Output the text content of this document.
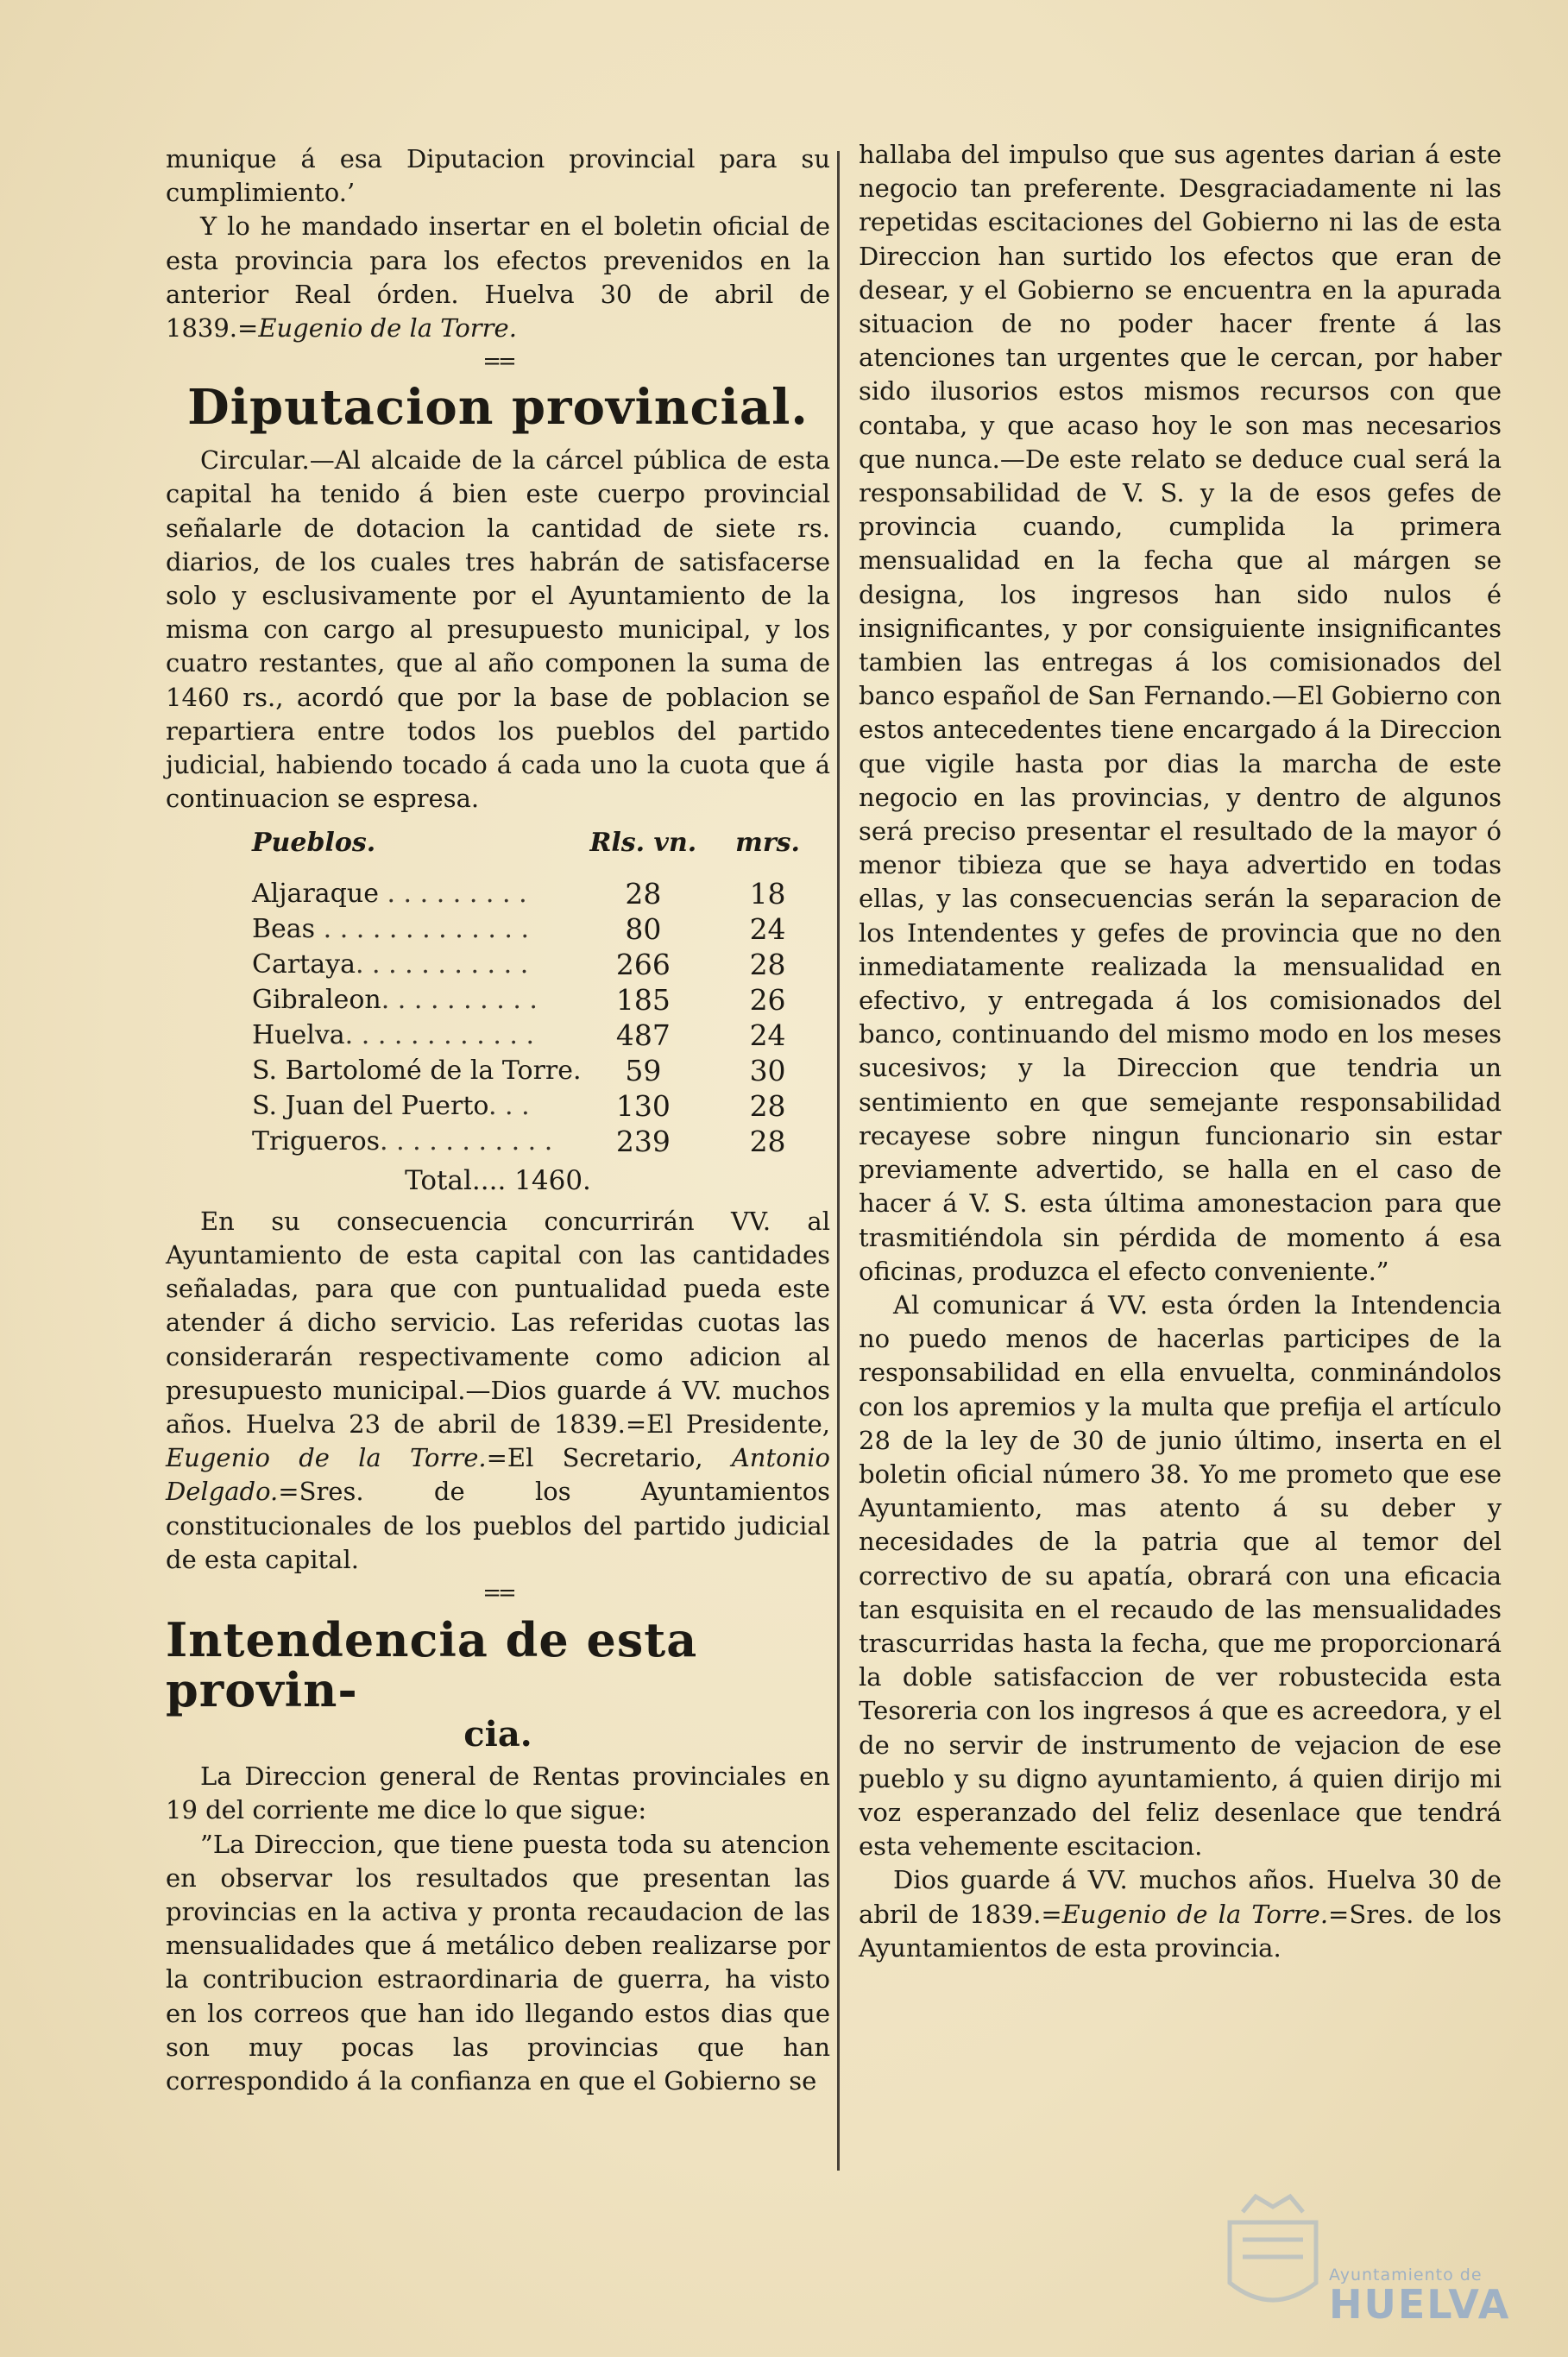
munique á esa Diputacion provincial para su cumplimiento.’

Y lo he mandado insertar en el boletin oficial de esta provincia para los efectos prevenidos en la anterior Real órden. Huelva 30 de abril de 1839.=Eugenio de la Torre.

==
Diputacion provincial.

Circular.—Al alcaide de la cárcel pública de esta capital ha tenido á bien este cuerpo provincial señalarle de dotacion la cantidad de siete rs. diarios, de los cuales tres habrán de satisfacerse solo y esclusivamente por el Ayuntamiento de la misma con cargo al presupuesto municipal, y los cuatro restantes, que al año componen la suma de 1460 rs., acordó que por la base de poblacion se repartiera entre todos los pueblos del partido judicial, habiendo tocado á cada uno la cuota que á continuacion se espresa.

Pueblos.	Rls. vn.	mrs.
Aljaraque . . . . . . . . .	28	18
Beas . . . . . . . . . . . . .	80	24
Cartaya. . . . . . . . . . .	266	28
Gibraleon. . . . . . . . . .	185	26
Huelva. . . . . . . . . . . .	487	24
S. Bartolomé de la Torre.	59	30
S. Juan del Puerto. . .	130	28
Trigueros. . . . . . . . . . .	239	28
Total.... 1460.

En su consecuencia concurrirán VV. al Ayuntamiento de esta capital con las cantidades señaladas, para que con puntualidad pueda este atender á dicho servicio. Las referidas cuotas las considerarán respectivamente como adicion al presupuesto municipal.—Dios guarde á VV. muchos años. Huelva 23 de abril de 1839.=El Presidente, Eugenio de la Torre.=El Secretario, Antonio Delgado.=Sres. de los Ayuntamientos constitucionales de los pueblos del partido judicial de esta capital.

==
Intendencia de esta provin-
cia.

La Direccion general de Rentas provinciales en 19 del corriente me dice lo que sigue:

”La Direccion, que tiene puesta toda su atencion en observar los resultados que presentan las provincias en la activa y pronta recaudacion de las mensualidades que á metálico deben realizarse por la contribucion estraordinaria de guerra, ha visto en los correos que han ido llegando estos dias que son muy pocas las provincias que han correspondido á la confianza en que el Gobierno se

hallaba del impulso que sus agentes darian á este negocio tan preferente. Desgraciadamente ni las repetidas escitaciones del Gobierno ni las de esta Direccion han surtido los efectos que eran de desear, y el Gobierno se encuentra en la apurada situacion de no poder hacer frente á las atenciones tan urgentes que le cercan, por haber sido ilusorios estos mismos recursos con que contaba, y que acaso hoy le son mas necesarios que nunca.—De este relato se deduce cual será la responsabilidad de V. S. y la de esos gefes de provincia cuando, cumplida la primera mensualidad en la fecha que al márgen se designa, los ingresos han sido nulos é insignificantes, y por consiguiente insignificantes tambien las entregas á los comisionados del banco español de San Fernando.—El Gobierno con estos antecedentes tiene encargado á la Direccion que vigile hasta por dias la marcha de este negocio en las provincias, y dentro de algunos será preciso presentar el resultado de la mayor ó menor tibieza que se haya advertido en todas ellas, y las consecuencias serán la separacion de los Intendentes y gefes de provincia que no den inmediatamente realizada la mensualidad en efectivo, y entregada á los comisionados del banco, continuando del mismo modo en los meses sucesivos; y la Direccion que tendria un sentimiento en que semejante responsabilidad recayese sobre ningun funcionario sin estar previamente advertido, se halla en el caso de hacer á V. S. esta última amonestacion para que trasmitiéndola sin pérdida de momento á esa oficinas, produzca el efecto conveniente.”

Al comunicar á VV. esta órden la Intendencia no puedo menos de hacerlas participes de la responsabilidad en ella envuelta, conminándolos con los apremios y la multa que prefija el artículo 28 de la ley de 30 de junio último, inserta en el boletin oficial número 38. Yo me prometo que ese Ayuntamiento, mas atento á su deber y necesidades de la patria que al temor del correctivo de su apatía, obrará con una eficacia tan esquisita en el recaudo de las mensualidades trascurridas hasta la fecha, que me proporcionará la doble satisfaccion de ver robustecida esta Tesoreria con los ingresos á que es acreedora, y el de no servir de instrumento de vejacion de ese pueblo y su digno ayuntamiento, á quien dirijo mi voz esperanzado del feliz desenlace que tendrá esta vehemente escitacion.

Dios guarde á VV. muchos años. Huelva 30 de abril de 1839.=Eugenio de la Torre.=Sres. de los Ayuntamientos de esta provincia.

Ayuntamiento de
HUELVA
